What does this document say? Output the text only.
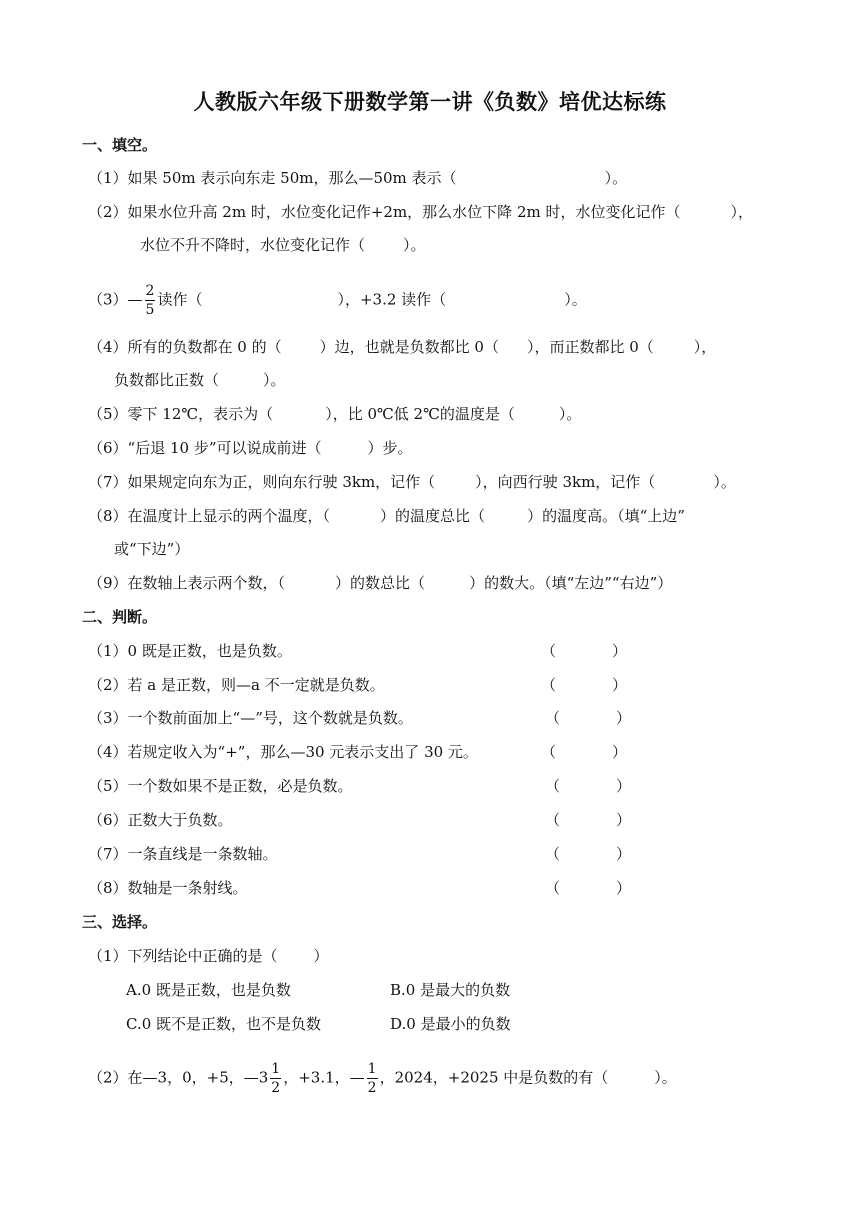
人教版六年级下册数学第一讲《负数》培优达标练
一、填空。
（1）如果 50m 表示向东走 50m，那么—50m 表示（	）。
（2）如果水位升高 2m 时，水位变化记作+2m，那么水位下降 2m 时，水位变化记作（	），
水位不升不降时，水位变化记作（	）。
（3）— $\frac{2}{5}$ 读作（	），+3.2 读作（	）。
（4）所有的负数都在 0 的（	）边，也就是负数都比 0（ ），而正数都比 0（	），
负数都比正数（	）。
（5）零下 12℃，表示为（	），比 0℃低 2℃的温度是（	）。
（6）“后退 10 步”可以说成前进（	）步。
（7）如果规定向东为正，则向东行驶 3km，记作（	），向西行驶 3km，记作（	）。
（8）在温度计上显示的两个温度，（	）的温度总比（	）的温度高。（填“上边”
或“下边”）
（9）在数轴上表示两个数，（	）的数总比（	）的数大。（填“左边”“右边”）
二、判断。
（1）0 既是正数，也是负数。	（	）
（2）若 a 是正数，则—a 不一定就是负数。	（	）
（3）一个数前面加上“—”号，这个数就是负数。	（	）
（4）若规定收入为“+”，那么—30 元表示支出了 30 元。	（	）
（5）一个数如果不是正数，必是负数。	（	）
（6）正数大于负数。	（	）
（7）一条直线是一条数轴。	（	）
（8）数轴是一条射线。	（	）
三、选择。
（1）下列结论中正确的是（ ）
A.0 既是正数，也是负数	B.0 是最大的负数
C.0 既不是正数，也不是负数	D.0 是最小的负数
（2）在—3，0，+5，—3 $\frac{1}{2}$ ，+3.1，— $\frac{1}{2}$ ，2024，+2025 中是负数的有（	）。
